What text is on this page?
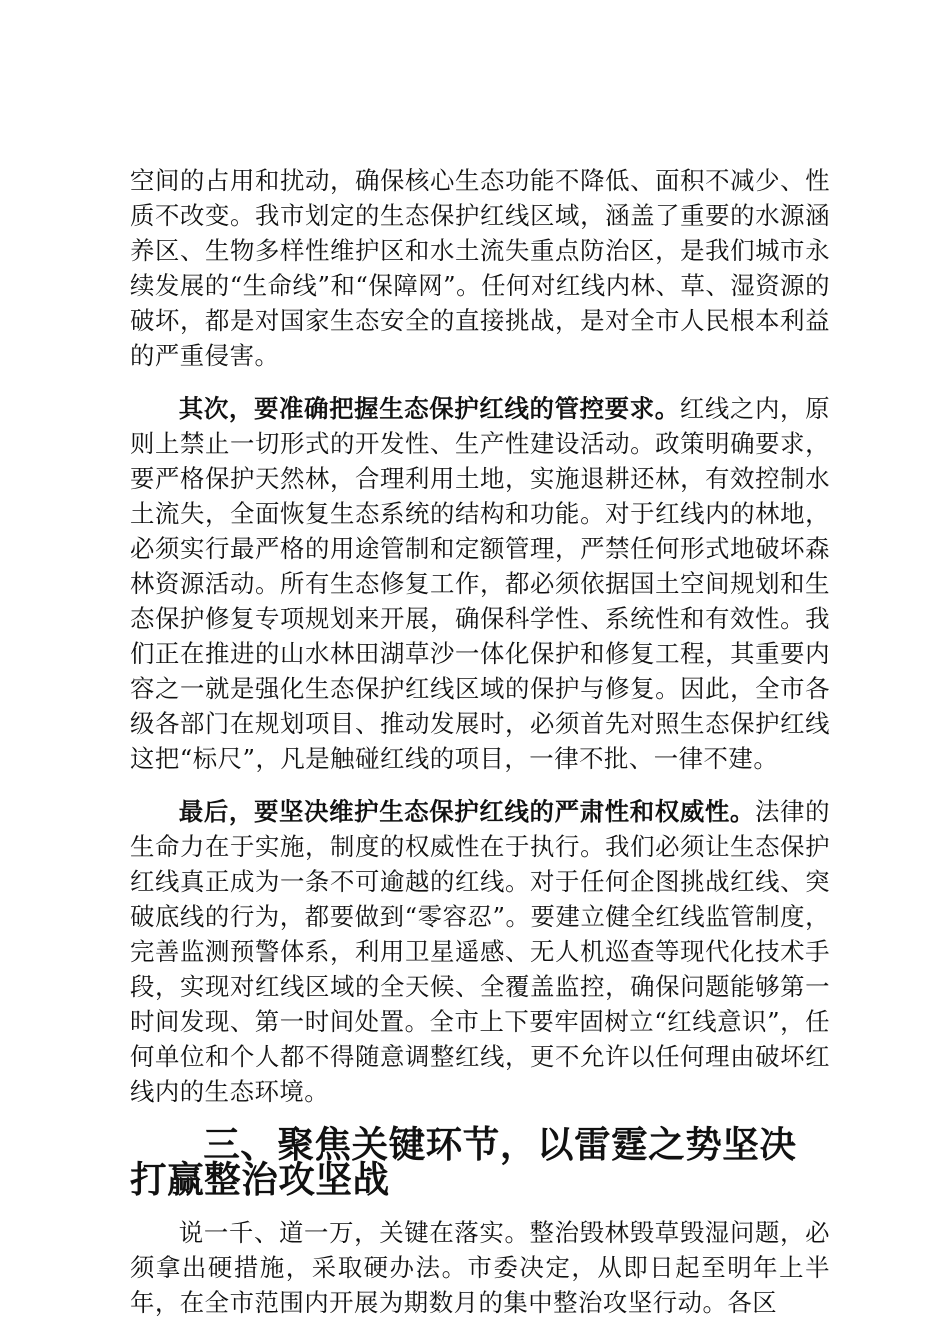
空间的占用和扰动，确保核心生态功能不降低、面积不减少、性质不改变。我市划定的生态保护红线区域，涵盖了重要的水源涵养区、生物多样性维护区和水土流失重点防治区，是我们城市永续发展的“生命线”和“保障网”。任何对红线内林、草、湿资源的破坏，都是对国家生态安全的直接挑战，是对全市人民根本利益的严重侵害。

其次，要准确把握生态保护红线的管控要求。红线之内，原则上禁止一切形式的开发性、生产性建设活动。政策明确要求，要严格保护天然林，合理利用土地，实施退耕还林，有效控制水土流失，全面恢复生态系统的结构和功能。对于红线内的林地，必须实行最严格的用途管制和定额管理，严禁任何形式地破坏森林资源活动。所有生态修复工作，都必须依据国土空间规划和生态保护修复专项规划来开展，确保科学性、系统性和有效性。我们正在推进的山水林田湖草沙一体化保护和修复工程，其重要内容之一就是强化生态保护红线区域的保护与修复。因此，全市各级各部门在规划项目、推动发展时，必须首先对照生态保护红线这把“标尺”，凡是触碰红线的项目，一律不批、一律不建。

最后，要坚决维护生态保护红线的严肃性和权威性。法律的生命力在于实施，制度的权威性在于执行。我们必须让生态保护红线真正成为一条不可逾越的红线。对于任何企图挑战红线、突破底线的行为，都要做到“零容忍”。要建立健全红线监管制度，完善监测预警体系，利用卫星遥感、无人机巡查等现代化技术手段，实现对红线区域的全天候、全覆盖监控，确保问题能够第一时间发现、第一时间处置。全市上下要牢固树立“红线意识”，任何单位和个人都不得随意调整红线，更不允许以任何理由破坏红线内的生态环境。

三、聚焦关键环节，以雷霆之势坚决打赢整治攻坚战

说一千、道一万，关键在落实。整治毁林毁草毁湿问题，必须拿出硬措施，采取硬办法。市委决定，从即日起至明年上半年，在全市范围内开展为期数月的集中整治攻坚行动。各区
